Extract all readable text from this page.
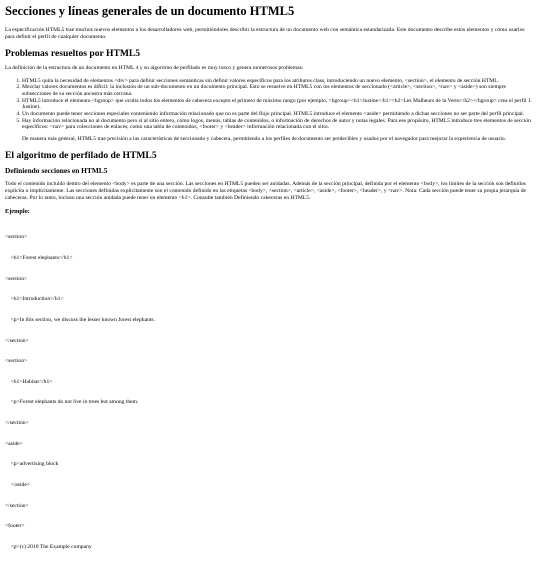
Secciones y líneas generales de un documento HTML5

La especificación HTML5 trae muchos nuevos elementos a los desarrolladores web, permitiéndoles describir la estructura de un documento web con semántica estandarizada. Este documento describe estos elementos y cómo usarlos para definir el perfil de cualquier documento.

Problemas resueltos por HTML5

La definición de la estructura de un documento en HTML 4 y su algoritmo de perfilado es muy tosco y genera numerosos problemas:

1. HTML5 quita la necesidad de elementos <div> para definir secciones semánticas sin definir valores específicos para los atributos class, introduciendo un nuevo elemento, <section>, el elemento de sección HTML.
2. Mezclar valores documentos es difícil: la inclusión de un sub-documento en un documento principal. Esto se resuelve en HTML5 con los elementos de seccionado (<article>, <section>, <nav> y <aside>) son siempre subsecciones de su sección ancestra más cercana.
3. HTML5 introduce el elemento <hgroup> que oculta todos los elementos de cabecera excepto el primero de máximo rango (por ejemplo, <hgroup><h1>Justine</h1><h2>Les Malheurs de la Vertu</h2></hgroup> crea el perfil 1. Justine).
4. Un documento puede tener secciones especiales conteniendo información relacionado que no es parte del flujo principal. HTML5 introduce el elemento <aside> permitiendo a dichas secciones no ser parte del perfil principal.
5. Hay información relacionada no al documento pero si al sitio entero, como logos, menús, tablas de contenidos, o información de derechos de autor y notas legales. Para ese propósito, HTML5 introduce tres elementos de sección específicos: <nav> para colecciones de enlaces, como una tabla de contenidos, <footer> y <header> información relacionada con el sitio.

De manera más general, HTML5 trae precisión a las características de seccionado y cabecera, permitiendo a los perfiles de documento ser predecibles y usados por el navegador para mejorar la experiencia de usuario.

El algoritmo de perfilado de HTML5
Definiendo secciones en HTML5

Todo el contenido incluido dentro del elemento <body> es parte de una sección. Las secciones en HTML5 pueden ser anidadas. Además de la sección principal, definida por el elemento <body>, los límites de la sección son definidos explícita o implícitamente. Las secciones definidas explícitamente son el contenido definido en las etiquetas <body>, <section>, <article>, <aside>, <footer>, <header>, y <nav>. Nota: Cada sección puede tener su propia jerarquía de cabeceras. Por lo tanto, incluso una sección anidada puede tener un elemento <h1>. Consulte también Definiendo cabeceras en HTML5.

Ejemplo:

<section>

<h1>Forest elephants</h1>

<section>

<h1>Introduction</h1>

<p>In this section, we discuss the lesser known forest elephants.

</section>

<section>

<h1>Habitat</h1>

<p>Forest elephants do not live in trees but among them.

</section>

<aside>

<p>advertising block

</aside>

</section>

<footer>

<p>(c) 2010 The Example company
